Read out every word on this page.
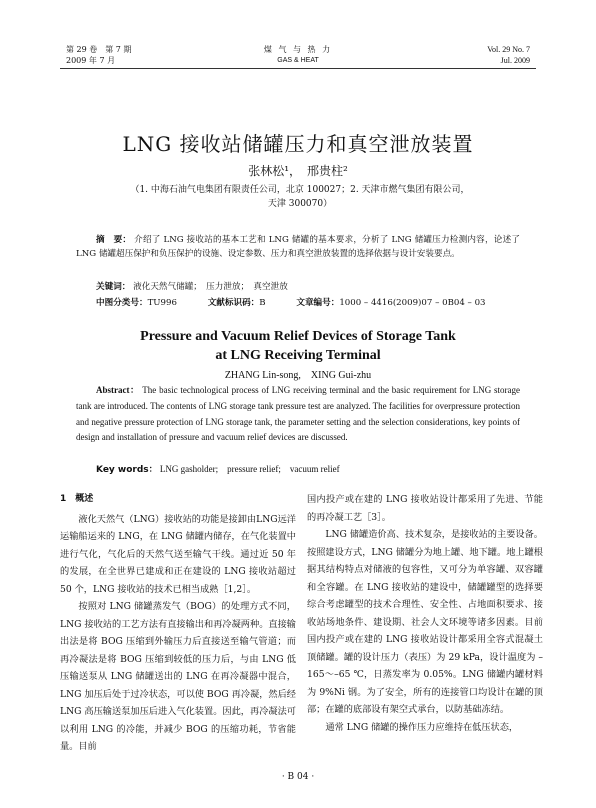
第 29 卷　第 7 期
2009 年 7 月
煤 气 与 热 力
GAS & HEAT
Vol. 29 No. 7
Jul. 2009
LNG 接收站储罐压力和真空泄放装置
张林松¹，　邢贵柱²
（1. 中海石油气电集团有限责任公司，北京 100027；2. 天津市燃气集团有限公司，
天津 300070）
摘　要： 介绍了 LNG 接收站的基本工艺和 LNG 储罐的基本要求，分析了 LNG 储罐压力检测内容，论述了 LNG 储罐超压保护和负压保护的设施、设定参数、压力和真空泄放装置的选择依据与设计安装要点。
关键词： 液化天然气储罐；　压力泄放；　真空泄放
中图分类号：TU996	文献标识码：B	文章编号：1000 – 4416(2009)07 – 0B04 – 03
Pressure and Vacuum Relief Devices of Storage Tank
at LNG Receiving Terminal
ZHANG Lin-song,　XING Gui-zhu
Abstract： The basic technological process of LNG receiving terminal and the basic requirement for LNG storage tank are introduced. The contents of LNG storage tank pressure test are analyzed. The facilities for overpressure protection and negative pressure protection of LNG storage tank, the parameter setting and the selection considerations, key points of design and installation of pressure and vacuum relief devices are discussed.
Key words： LNG gasholder;　pressure relief;　vacuum relief
1　概述

液化天然气（LNG）接收站的功能是接卸由LNG远洋运输船运来的 LNG，在 LNG 储罐内储存，在气化装置中进行气化，气化后的天然气送至输气干线。通过近 50 年的发展，在全世界已建成和正在建设的 LNG 接收站超过 50 个，LNG 接收站的技术已相当成熟［1,2］。

按照对 LNG 储罐蒸发气（BOG）的处理方式不同，LNG 接收站的工艺方法有直接输出和再冷凝两种。直接输出法是将 BOG 压缩到外输压力后直接送至输气管道；而再冷凝法是将 BOG 压缩到较低的压力后，与由 LNG 低压输送泵从 LNG 储罐送出的 LNG 在再冷凝器中混合，LNG 加压后处于过冷状态，可以使 BOG 再冷凝，然后经 LNG 高压输送泵加压后进入气化装置。因此，再冷凝法可以利用 LNG 的冷能，并减少 BOG 的压缩功耗，节省能量。目前

国内投产或在建的 LNG 接收站设计都采用了先进、节能的再冷凝工艺［3］。

LNG 储罐造价高、技术复杂，是接收站的主要设备。按照建设方式，LNG 储罐分为地上罐、地下罐。地上罐根据其结构特点对储液的包容性，又可分为单容罐、双容罐和全容罐。在 LNG 接收站的建设中，储罐罐型的选择要综合考虑罐型的技术合理性、安全性、占地面积要求、接收站场地条件、建设期、社会人文环境等诸多因素。目前国内投产或在建的 LNG 接收站设计都采用全容式混凝土顶储罐。罐的设计压力（表压）为 29 kPa，设计温度为 –165～–65 ℃，日蒸发率为 0.05%。LNG 储罐内罐材料为 9%Ni 钢。为了安全，所有的连接管口均设计在罐的顶部；在罐的底部设有架空式承台，以防基础冻结。

通常 LNG 储罐的操作压力应维持在低压状态，

· B 04 ·
